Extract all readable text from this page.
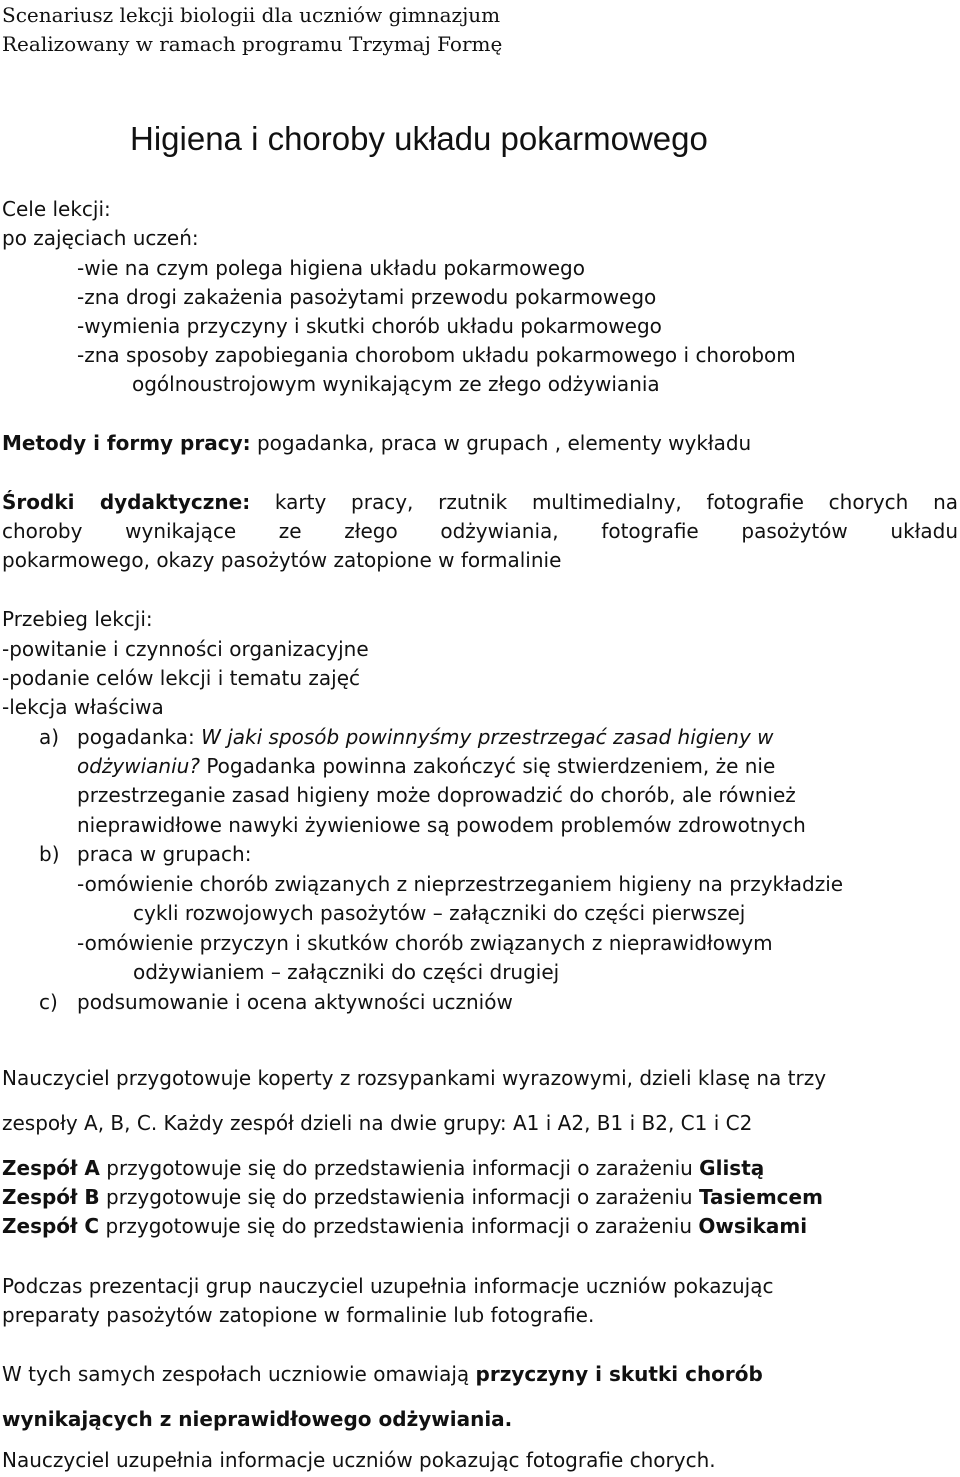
Scenariusz lekcji biologii dla uczniów gimnazjum
Realizowany w ramach programu Trzymaj Formę
Higiena i choroby układu pokarmowego
Cele lekcji:
po zajęciach uczeń:
-wie na czym polega higiena układu pokarmowego
-zna drogi zakażenia pasożytami przewodu pokarmowego
-wymienia przyczyny i skutki chorób układu pokarmowego
-zna sposoby zapobiegania chorobom układu pokarmowego i chorobom
ogólnoustrojowym wynikającym ze złego odżywiania
Metody i formy pracy: pogadanka, praca w grupach , elementy wykładu
Środki dydaktyczne: karty pracy, rzutnik multimedialny, fotografie chorych na
choroby wynikające ze złego odżywiania, fotografie pasożytów układu
pokarmowego, okazy pasożytów zatopione w formalinie
Przebieg lekcji:
-powitanie i czynności organizacyjne
-podanie celów lekcji i tematu zajęć
-lekcja właściwa
a) pogadanka: W jaki sposób powinnyśmy przestrzegać zasad higieny w
odżywianiu? Pogadanka powinna zakończyć się stwierdzeniem, że nie
przestrzeganie zasad higieny może doprowadzić do chorób, ale również
nieprawidłowe nawyki żywieniowe są powodem problemów zdrowotnych
b) praca w grupach:
-omówienie chorób związanych z nieprzestrzeganiem higieny na przykładzie
cykli rozwojowych pasożytów – załączniki do części pierwszej
-omówienie przyczyn i skutków chorób związanych z nieprawidłowym
odżywianiem – załączniki do części drugiej
c) podsumowanie i ocena aktywności uczniów
Nauczyciel przygotowuje koperty z rozsypankami wyrazowymi, dzieli klasę na trzy
zespoły A, B, C. Każdy zespół dzieli na dwie grupy: A1 i A2, B1 i B2, C1 i C2
Zespół A przygotowuje się do przedstawienia informacji o zarażeniu Glistą
Zespół B przygotowuje się do przedstawienia informacji o zarażeniu Tasiemcem
Zespół C przygotowuje się do przedstawienia informacji o zarażeniu Owsikami
Podczas prezentacji grup nauczyciel uzupełnia informacje uczniów pokazując
preparaty pasożytów zatopione w formalinie lub fotografie.
W tych samych zespołach uczniowie omawiają przyczyny i skutki chorób
wynikających z nieprawidłowego odżywiania.
Nauczyciel uzupełnia informacje uczniów pokazując fotografie chorych.
